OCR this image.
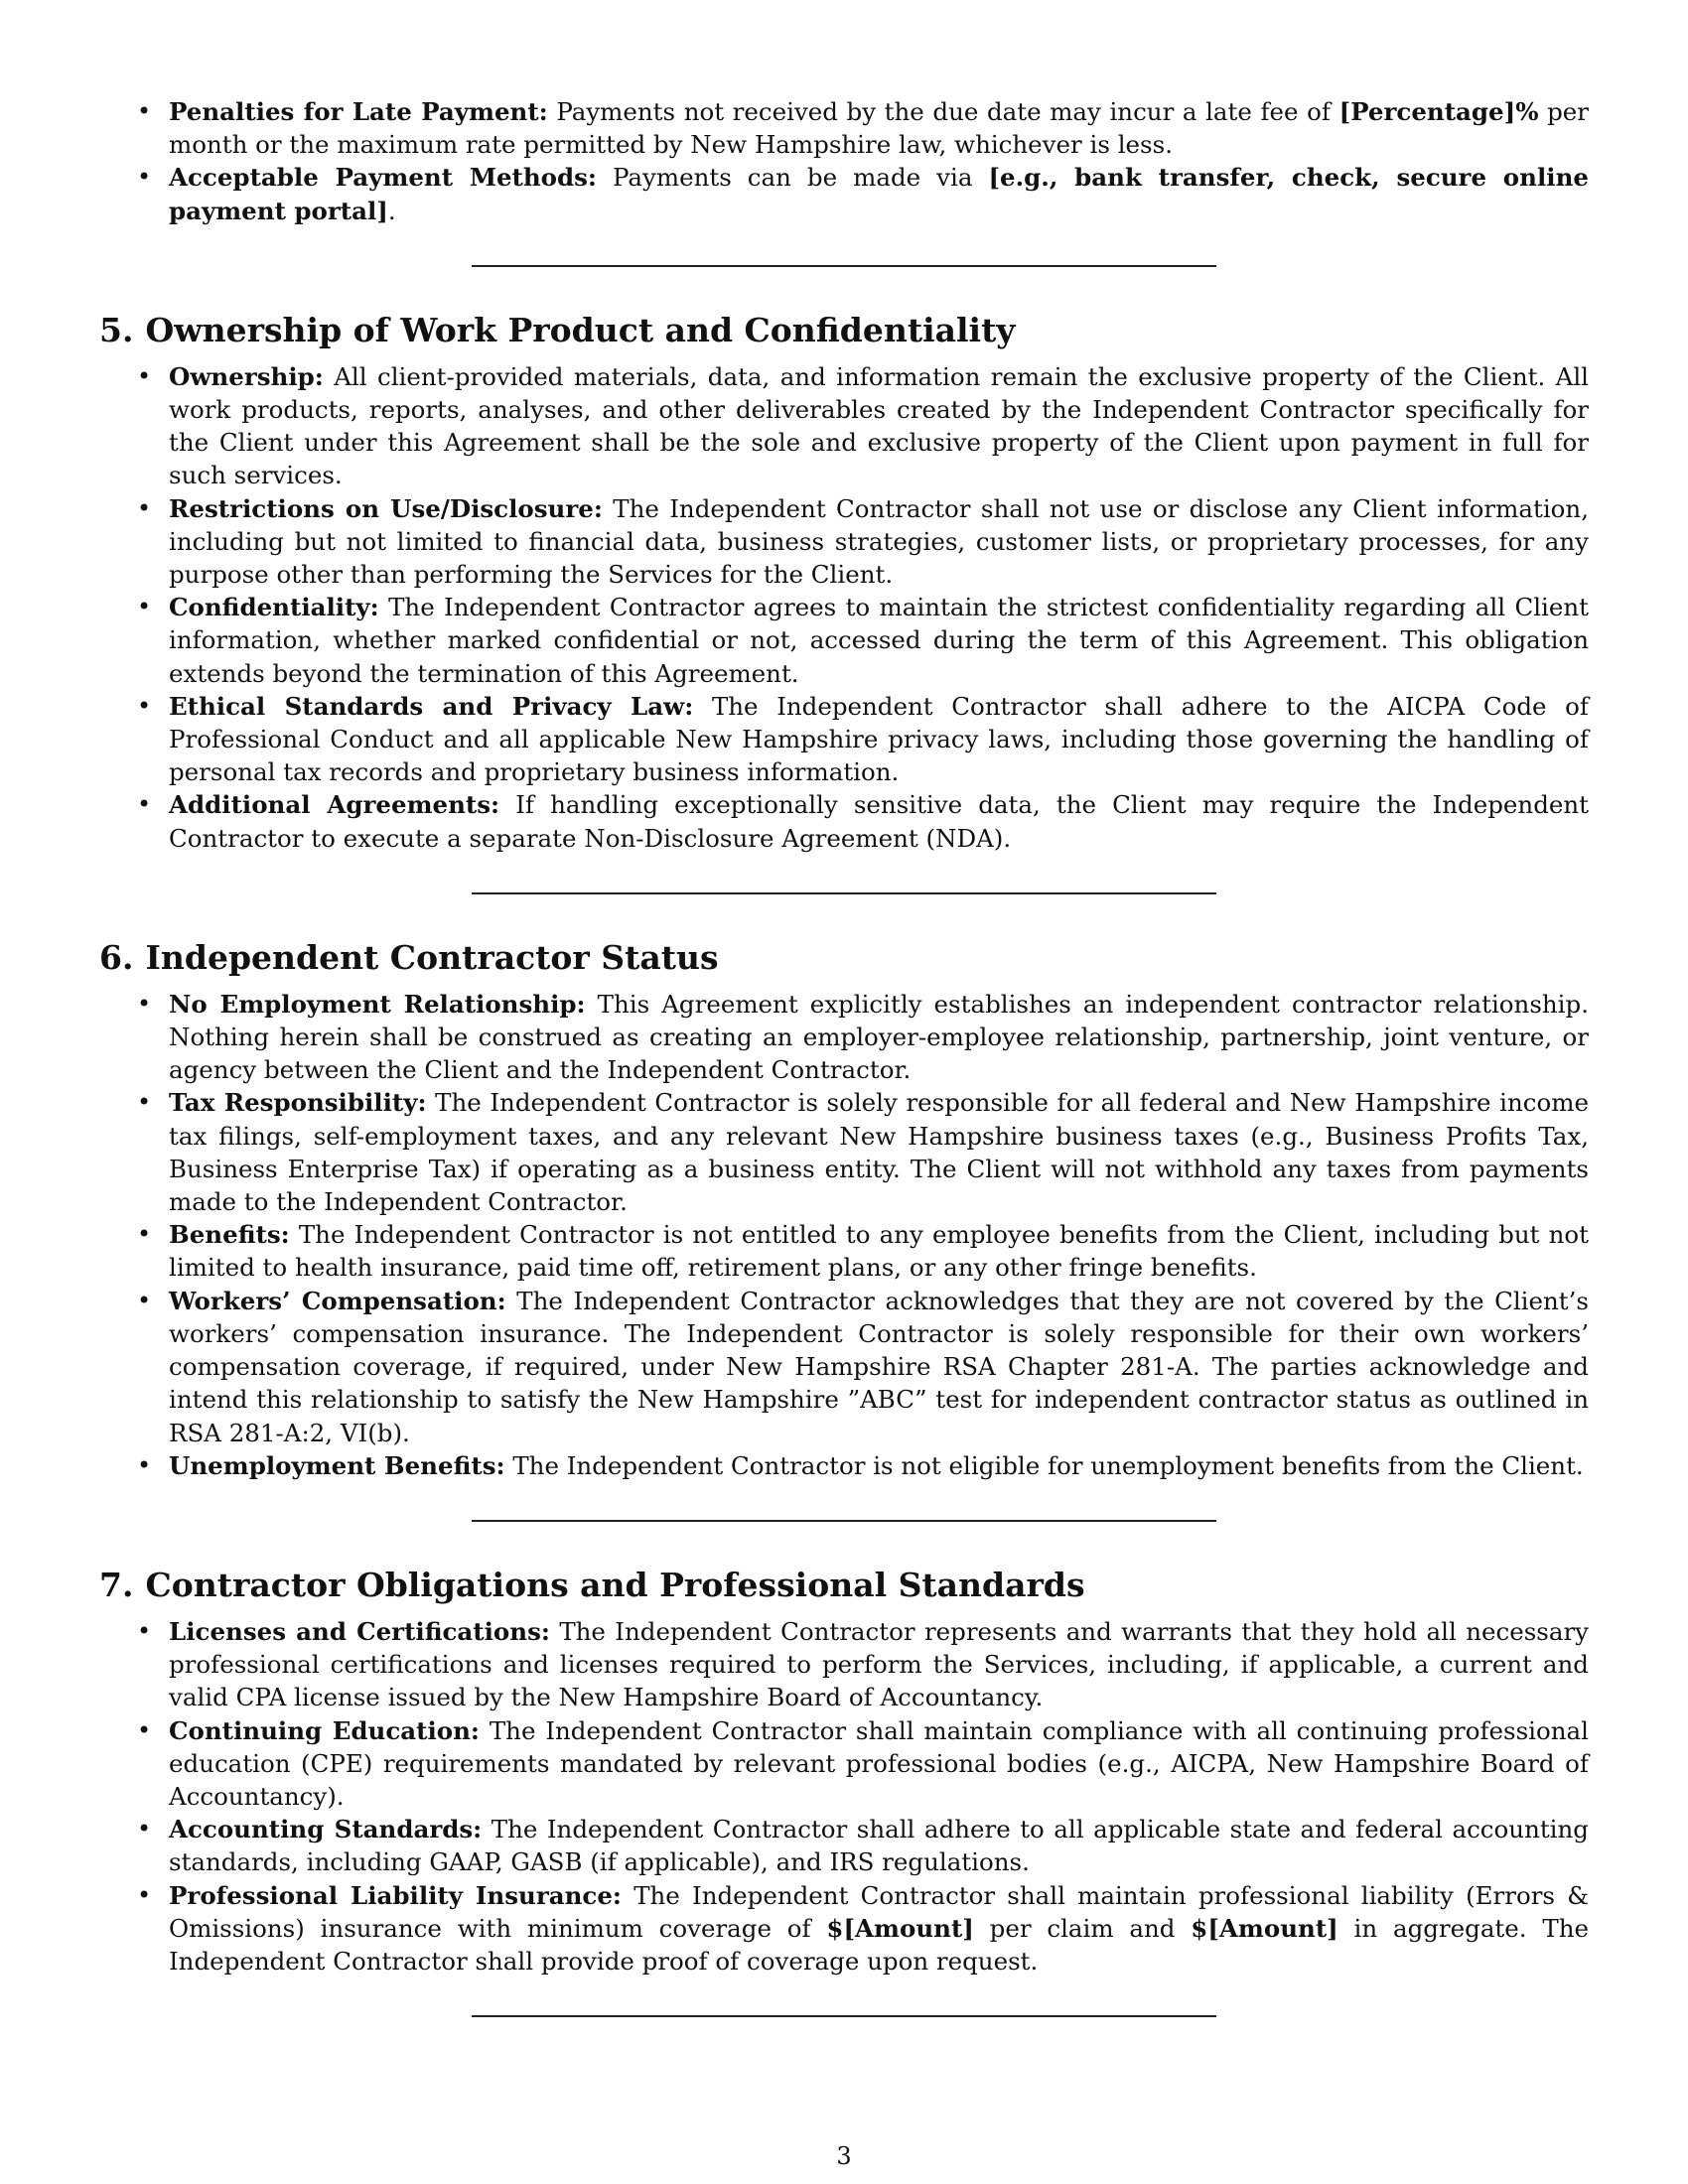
• Penalties for Late Payment: Payments not received by the due date may incur a late fee of [Percentage]% per month or the maximum rate permitted by New Hampshire law, whichever is less.
• Acceptable Payment Methods: Payments can be made via [e.g., bank transfer, check, secure online payment portal].
5. Ownership of Work Product and Confidentiality
• Ownership: All client-provided materials, data, and information remain the exclusive property of the Client. All work products, reports, analyses, and other deliverables created by the Independent Contractor specifically for the Client under this Agreement shall be the sole and exclusive property of the Client upon payment in full for such services.
• Restrictions on Use/Disclosure: The Independent Contractor shall not use or disclose any Client information, including but not limited to financial data, business strategies, customer lists, or proprietary processes, for any purpose other than performing the Services for the Client.
• Confidentiality: The Independent Contractor agrees to maintain the strictest confidentiality regarding all Client information, whether marked confidential or not, accessed during the term of this Agreement. This obligation extends beyond the termination of this Agreement.
• Ethical Standards and Privacy Law: The Independent Contractor shall adhere to the AICPA Code of Professional Conduct and all applicable New Hampshire privacy laws, including those governing the handling of personal tax records and proprietary business information.
• Additional Agreements: If handling exceptionally sensitive data, the Client may require the Independent Contractor to execute a separate Non-Disclosure Agreement (NDA).
6. Independent Contractor Status
• No Employment Relationship: This Agreement explicitly establishes an independent contractor relationship. Nothing herein shall be construed as creating an employer-employee relationship, partnership, joint venture, or agency between the Client and the Independent Contractor.
• Tax Responsibility: The Independent Contractor is solely responsible for all federal and New Hampshire income tax filings, self-employment taxes, and any relevant New Hampshire business taxes (e.g., Business Profits Tax, Business Enterprise Tax) if operating as a business entity. The Client will not withhold any taxes from payments made to the Independent Contractor.
• Benefits: The Independent Contractor is not entitled to any employee benefits from the Client, including but not limited to health insurance, paid time off, retirement plans, or any other fringe benefits.
• Workers’ Compensation: The Independent Contractor acknowledges that they are not covered by the Client’s workers’ compensation insurance. The Independent Contractor is solely responsible for their own workers’ compensation coverage, if required, under New Hampshire RSA Chapter 281-A. The parties acknowledge and intend this relationship to satisfy the New Hampshire ”ABC” test for independent contractor status as outlined in RSA 281-A:2, VI(b).
• Unemployment Benefits: The Independent Contractor is not eligible for unemployment benefits from the Client.
7. Contractor Obligations and Professional Standards
• Licenses and Certifications: The Independent Contractor represents and warrants that they hold all necessary professional certifications and licenses required to perform the Services, including, if applicable, a current and valid CPA license issued by the New Hampshire Board of Accountancy.
• Continuing Education: The Independent Contractor shall maintain compliance with all continuing professional education (CPE) requirements mandated by relevant professional bodies (e.g., AICPA, New Hampshire Board of Accountancy).
• Accounting Standards: The Independent Contractor shall adhere to all applicable state and federal accounting standards, including GAAP, GASB (if applicable), and IRS regulations.
• Professional Liability Insurance: The Independent Contractor shall maintain professional liability (Errors & Omissions) insurance with minimum coverage of $[Amount] per claim and $[Amount] in aggregate. The Independent Contractor shall provide proof of coverage upon request.
3
